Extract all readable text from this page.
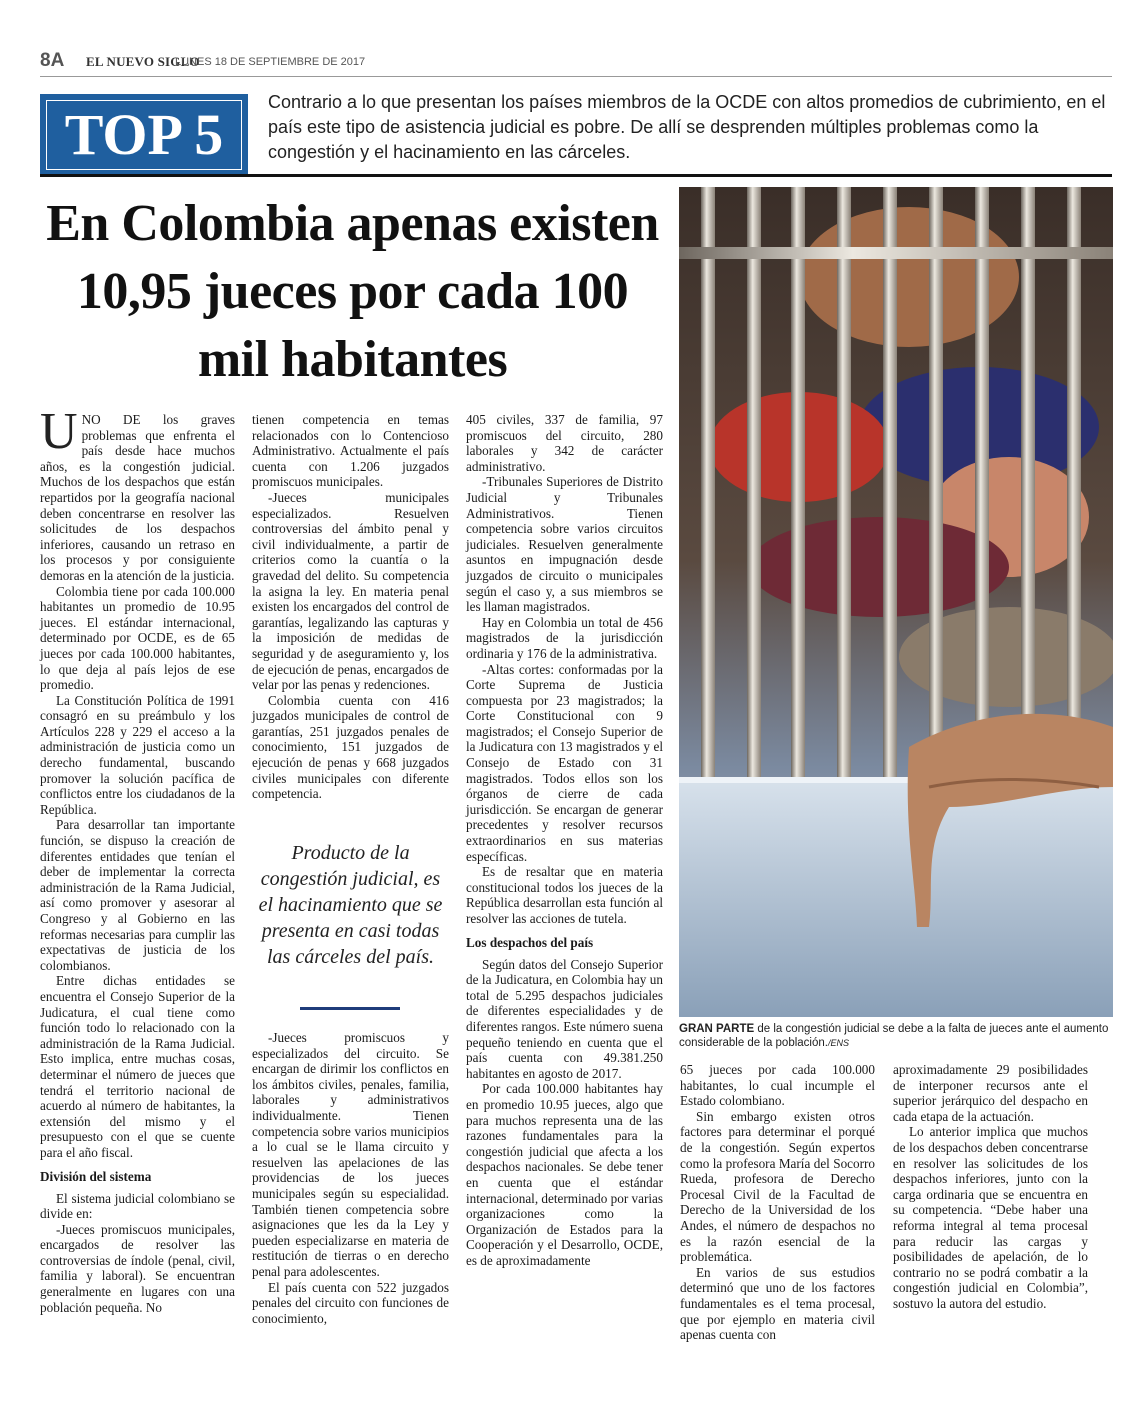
8A EL NUEVO SIGLO
LUNES 18 DE SEPTIEMBRE DE 2017
TOP 5	Contrario a lo que presentan los países miembros de la OCDE con altos promedios de cubrimiento, en el país este tipo de asistencia judicial es pobre. De allí se desprenden múltiples problemas como la congestión y el hacinamiento en las cárceles.
En Colombia apenas existen 10,95 jueces por cada 100 mil habitantes

UNO DE los graves problemas que enfrenta el país desde hace muchos años, es la congestión judicial. Muchos de los despachos que están repartidos por la geografía nacional deben concentrarse en resolver las solicitudes de los despachos inferiores, causando un retraso en los procesos y por consiguiente demoras en la atención de la justicia.

Colombia tiene por cada 100.000 habitantes un promedio de 10.95 jueces. El estándar internacional, determinado por OCDE, es de 65 jueces por cada 100.000 habitantes, lo que deja al país lejos de ese promedio.

La Constitución Política de 1991 consagró en su preámbulo y los Artículos 228 y 229 el acceso a la administración de justicia como un derecho fundamental, buscando promover la solución pacífica de conflictos entre los ciudadanos de la República.

Para desarrollar tan importante función, se dispuso la creación de diferentes entidades que tenían el deber de implementar la correcta administración de la Rama Judicial, así como promover y asesorar al Congreso y al Gobierno en las reformas necesarias para cumplir las expectativas de justicia de los colombianos.

Entre dichas entidades se encuentra el Consejo Superior de la Judicatura, el cual tiene como función todo lo relacionado con la administración de la Rama Judicial. Esto implica, entre muchas cosas, determinar el número de jueces que tendrá el territorio nacional de acuerdo al número de habitantes, la extensión del mismo y el presupuesto con el que se cuente para el año fiscal.

División del sistema

El sistema judicial colombiano se divide en:

-Jueces promiscuos municipales, encargados de resolver las controversias de índole (penal, civil, familia y laboral). Se encuentran generalmente en lugares con una población pequeña. No

tienen competencia en temas relacionados con lo Contencioso Administrativo. Actualmente el país cuenta con 1.206 juzgados promiscuos municipales.

-Jueces municipales especializados. Resuelven controversias del ámbito penal y civil individualmente, a partir de criterios como la cuantía o la gravedad del delito. Su competencia la asigna la ley. En materia penal existen los encargados del control de garantías, legalizando las capturas y la imposición de medidas de seguridad y de aseguramiento y, los de ejecución de penas, encargados de velar por las penas y redenciones.

Colombia cuenta con 416 juzgados municipales de control de garantías, 251 juzgados penales de conocimiento, 151 juzgados de ejecución de penas y 668 juzgados civiles municipales con diferente competencia.

Producto de la congestión judicial, es el hacinamiento que se presenta en casi todas las cárceles del país.

-Jueces promiscuos y especializados del circuito. Se encargan de dirimir los conflictos en los ámbitos civiles, penales, familia, laborales y administrativos individualmente. Tienen competencia sobre varios municipios a lo cual se le llama circuito y resuelven las apelaciones de las providencias de los jueces municipales según su especialidad. También tienen competencia sobre asignaciones que les da la Ley y pueden especializarse en materia de restitución de tierras o en derecho penal para adolescentes.

El país cuenta con 522 juzgados penales del circuito con funciones de conocimiento,

405 civiles, 337 de familia, 97 promiscuos del circuito, 280 laborales y 342 de carácter administrativo.

-Tribunales Superiores de Distrito Judicial y Tribunales Administrativos. Tienen competencia sobre varios circuitos judiciales. Resuelven generalmente asuntos en impugnación desde juzgados de circuito o municipales según el caso y, a sus miembros se les llaman magistrados.

Hay en Colombia un total de 456 magistrados de la jurisdicción ordinaria y 176 de la administrativa.

-Altas cortes: conformadas por la Corte Suprema de Justicia compuesta por 23 magistrados; la Corte Constitucional con 9 magistrados; el Consejo Superior de la Judicatura con 13 magistrados y el Consejo de Estado con 31 magistrados. Todos ellos son los órganos de cierre de cada jurisdicción. Se encargan de generar precedentes y resolver recursos extraordinarios en sus materias específicas.

Es de resaltar que en materia constitucional todos los jueces de la República desarrollan esta función al resolver las acciones de tutela.

Los despachos del país

Según datos del Consejo Superior de la Judicatura, en Colombia hay un total de 5.295 despachos judiciales de diferentes especialidades y de diferentes rangos. Este número suena pequeño teniendo en cuenta que el país cuenta con 49.381.250 habitantes en agosto de 2017.

Por cada 100.000 habitantes hay en promedio 10.95 jueces, algo que para muchos representa una de las razones fundamentales para la congestión judicial que afecta a los despachos nacionales. Se debe tener en cuenta que el estándar internacional, determinado por varias organizaciones como la Organización de Estados para la Cooperación y el Desarrollo, OCDE, es de aproximadamente

GRAN PARTE de la congestión judicial se debe a la falta de jueces ante el aumento considerable de la población./ENS

65 jueces por cada 100.000 habitantes, lo cual incumple el Estado colombiano.

Sin embargo existen otros factores para determinar el porqué de la congestión. Según expertos como la profesora María del Socorro Rueda, profesora de Derecho Procesal Civil de la Facultad de Derecho de la Universidad de los Andes, el número de despachos no es la razón esencial de la problemática.

En varios de sus estudios determinó que uno de los factores fundamentales es el tema procesal, que por ejemplo en materia civil apenas cuenta con

aproximadamente 29 posibilidades de interponer recursos ante el superior jerárquico del despacho en cada etapa de la actuación.

Lo anterior implica que muchos de los despachos deben concentrarse en resolver las solicitudes de los despachos inferiores, junto con la carga ordinaria que se encuentra en su competencia. “Debe haber una reforma integral al tema procesal para reducir las cargas y posibilidades de apelación, de lo contrario no se podrá combatir a la congestión judicial en Colombia”, sostuvo la autora del estudio.
